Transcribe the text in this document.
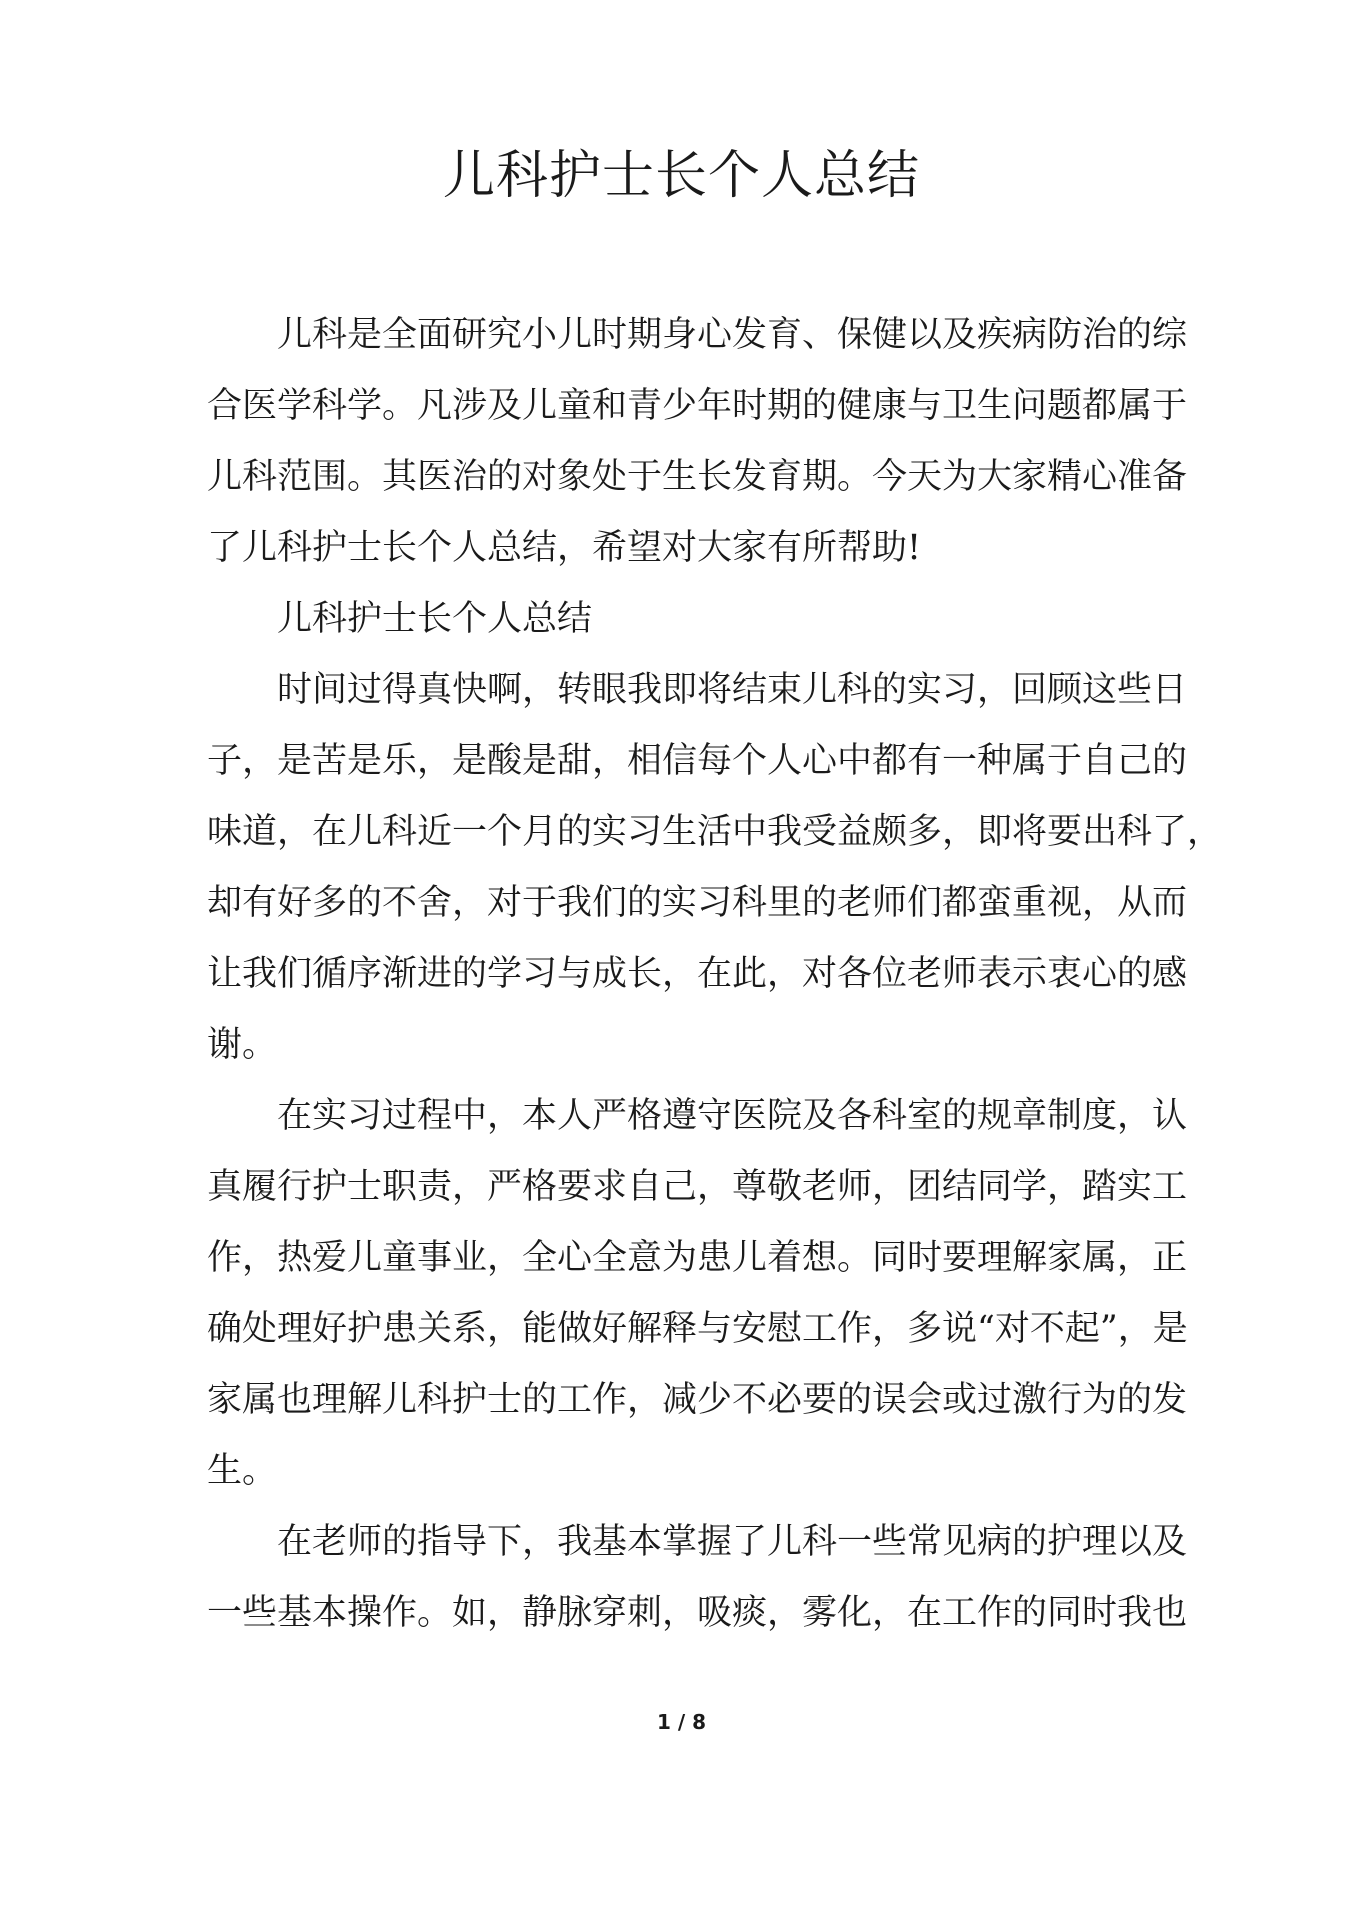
儿科护士长个人总结
儿科是全面研究小儿时期身心发育、保健以及疾病防治的综
合医学科学。凡涉及儿童和青少年时期的健康与卫生问题都属于
儿科范围。其医治的对象处于生长发育期。今天为大家精心准备
了儿科护士长个人总结，希望对大家有所帮助!
儿科护士长个人总结
时间过得真快啊，转眼我即将结束儿科的实习，回顾这些日
子，是苦是乐，是酸是甜，相信每个人心中都有一种属于自己的
味道，在儿科近一个月的实习生活中我受益颇多，即将要出科了，
却有好多的不舍，对于我们的实习科里的老师们都蛮重视，从而
让我们循序渐进的学习与成长，在此，对各位老师表示衷心的感
谢。
在实习过程中，本人严格遵守医院及各科室的规章制度，认
真履行护士职责，严格要求自己，尊敬老师，团结同学，踏实工
作，热爱儿童事业，全心全意为患儿着想。同时要理解家属，正
确处理好护患关系，能做好解释与安慰工作，多说“对不起”，是
家属也理解儿科护士的工作，减少不必要的误会或过激行为的发
生。
在老师的指导下，我基本掌握了儿科一些常见病的护理以及
一些基本操作。如，静脉穿刺，吸痰，雾化，在工作的同时我也
1 / 8
